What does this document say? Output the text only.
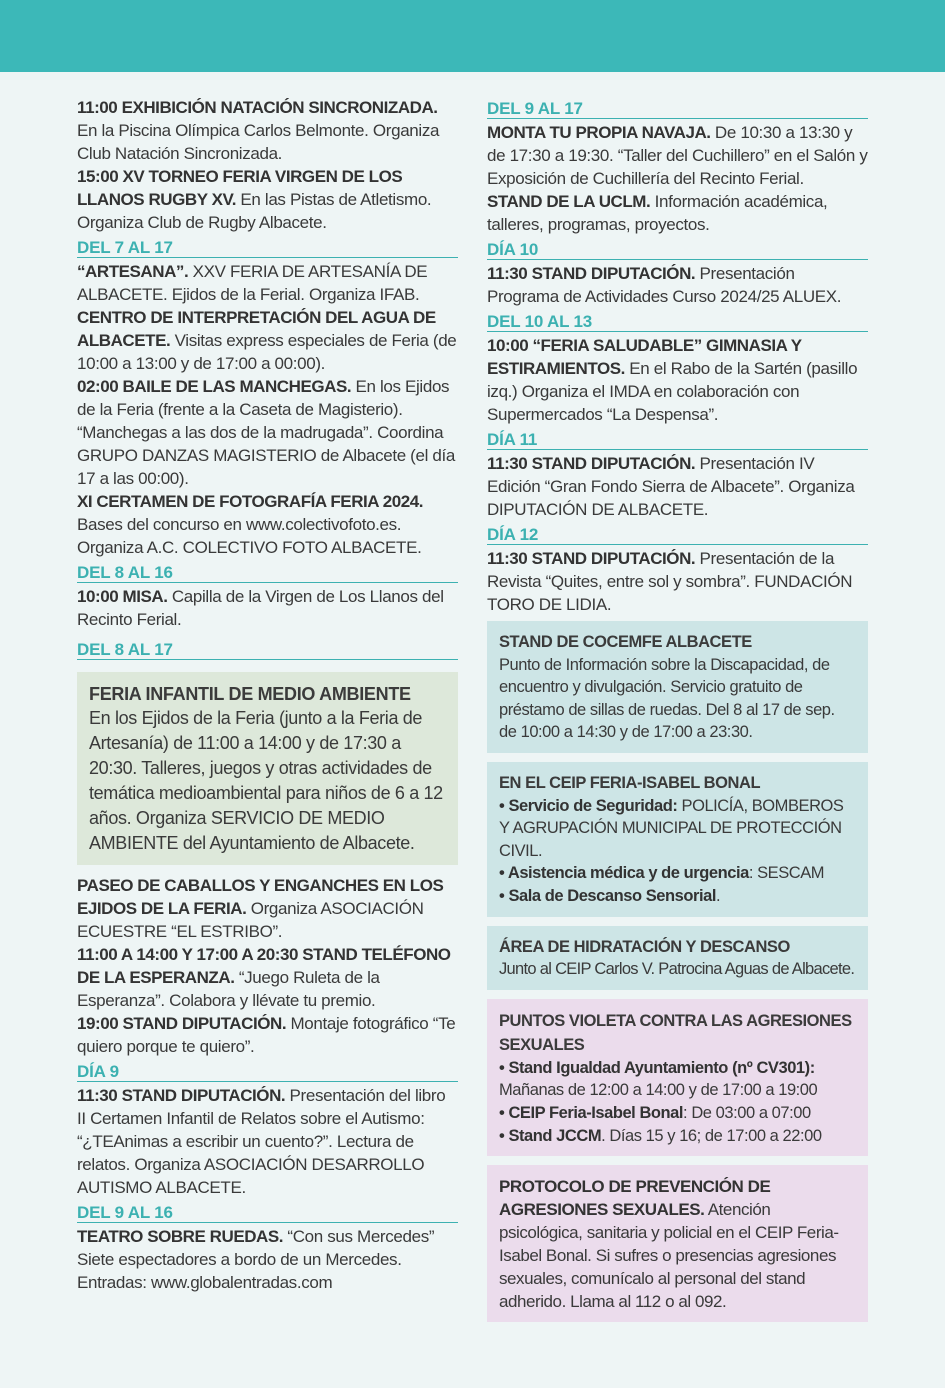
11:00 EXHIBICIÓN NATACIÓN SINCRONIZADA. En la Piscina Olímpica Carlos Belmonte. Organiza Club Natación Sincronizada.

15:00 XV TORNEO FERIA VIRGEN DE LOS LLANOS RUGBY XV. En las Pistas de Atletismo. Organiza Club de Rugby Albacete.

DEL 7 AL 17

“ARTESANA”. XXV FERIA DE ARTESANÍA DE ALBACETE. Ejidos de la Ferial. Organiza IFAB.

CENTRO DE INTERPRETACIÓN DEL AGUA DE ALBACETE. Visitas express especiales de Feria (de 10:00 a 13:00 y de 17:00 a 00:00).

02:00 BAILE DE LAS MANCHEGAS. En los Ejidos de la Feria (frente a la Caseta de Magisterio). “Manchegas a las dos de la madrugada”. Coordina GRUPO DANZAS MAGISTERIO de Albacete (el día 17 a las 00:00).

XI CERTAMEN DE FOTOGRAFÍA FERIA 2024. Bases del concurso en www.colectivofoto.es. Organiza A.C. COLECTIVO FOTO ALBACETE.

DEL 8 AL 16

10:00 MISA. Capilla de la Virgen de Los Llanos del Recinto Ferial.

DEL 8 AL 17

FERIA INFANTIL DE MEDIO AMBIENTE

En los Ejidos de la Feria (junto a la Feria de Artesanía) de 11:00 a 14:00 y de 17:30 a 20:30. Talleres, juegos y otras actividades de temática medioambiental para niños de 6 a 12 años. Organiza SERVICIO DE MEDIO AMBIENTE del Ayuntamiento de Albacete.

PASEO DE CABALLOS Y ENGANCHES EN LOS EJIDOS DE LA FERIA. Organiza ASOCIACIÓN ECUESTRE “EL ESTRIBO”.

11:00 A 14:00 Y 17:00 A 20:30 STAND TELÉFONO DE LA ESPERANZA. “Juego Ruleta de la Esperanza”. Colabora y llévate tu premio.

19:00 STAND DIPUTACIÓN. Montaje fotográfico “Te quiero porque te quiero”.

DÍA 9

11:30 STAND DIPUTACIÓN. Presentación del libro II Certamen Infantil de Relatos sobre el Autismo: “¿TEAnimas a escribir un cuento?”. Lectura de relatos. Organiza ASOCIACIÓN DESARROLLO AUTISMO ALBACETE.

DEL 9 AL 16

TEATRO SOBRE RUEDAS. “Con sus Mercedes” Siete espectadores a bordo de un Mercedes. Entradas: www.globalentradas.com

DEL 9 AL 17

MONTA TU PROPIA NAVAJA. De 10:30 a 13:30 y de 17:30 a 19:30. “Taller del Cuchillero” en el Salón y Exposición de Cuchillería del Recinto Ferial.

STAND DE LA UCLM. Información académica, talleres, programas, proyectos.

DÍA 10

11:30 STAND DIPUTACIÓN. Presentación Programa de Actividades Curso 2024/25 ALUEX.

DEL 10 AL 13

10:00 “FERIA SALUDABLE” GIMNASIA Y ESTIRAMIENTOS. En el Rabo de la Sartén (pasillo izq.) Organiza el IMDA en colaboración con Supermercados “La Despensa”.

DÍA 11

11:30 STAND DIPUTACIÓN. Presentación IV Edición “Gran Fondo Sierra de Albacete”. Organiza DIPUTACIÓN DE ALBACETE.

DÍA 12

11:30 STAND DIPUTACIÓN. Presentación de la Revista “Quites, entre sol y sombra”. FUNDACIÓN TORO DE LIDIA.

STAND DE COCEMFE ALBACETE

Punto de Información sobre la Discapacidad, de encuentro y divulgación. Servicio gratuito de préstamo de sillas de ruedas. Del 8 al 17 de sep. de 10:00 a 14:30 y de 17:00 a 23:30.

EN EL CEIP FERIA-ISABEL BONAL

• Servicio de Seguridad: POLICÍA, BOMBEROS Y AGRUPACIÓN MUNICIPAL DE PROTECCIÓN CIVIL.

• Asistencia médica y de urgencia: SESCAM

• Sala de Descanso Sensorial.

ÁREA DE HIDRATACIÓN Y DESCANSO

Junto al CEIP Carlos V. Patrocina Aguas de Albacete.

PUNTOS VIOLETA CONTRA LAS AGRESIONES SEXUALES

• Stand Igualdad Ayuntamiento (nº CV301): Mañanas de 12:00 a 14:00 y de 17:00 a 19:00

• CEIP Feria-Isabel Bonal: De 03:00 a 07:00

• Stand JCCM. Días 15 y 16; de 17:00 a 22:00

PROTOCOLO DE PREVENCIÓN DE AGRESIONES SEXUALES. Atención psicológica, sanitaria y policial en el CEIP Feria-Isabel Bonal. Si sufres o presencias agresiones sexuales, comunícalo al personal del stand adherido. Llama al 112 o al 092.
